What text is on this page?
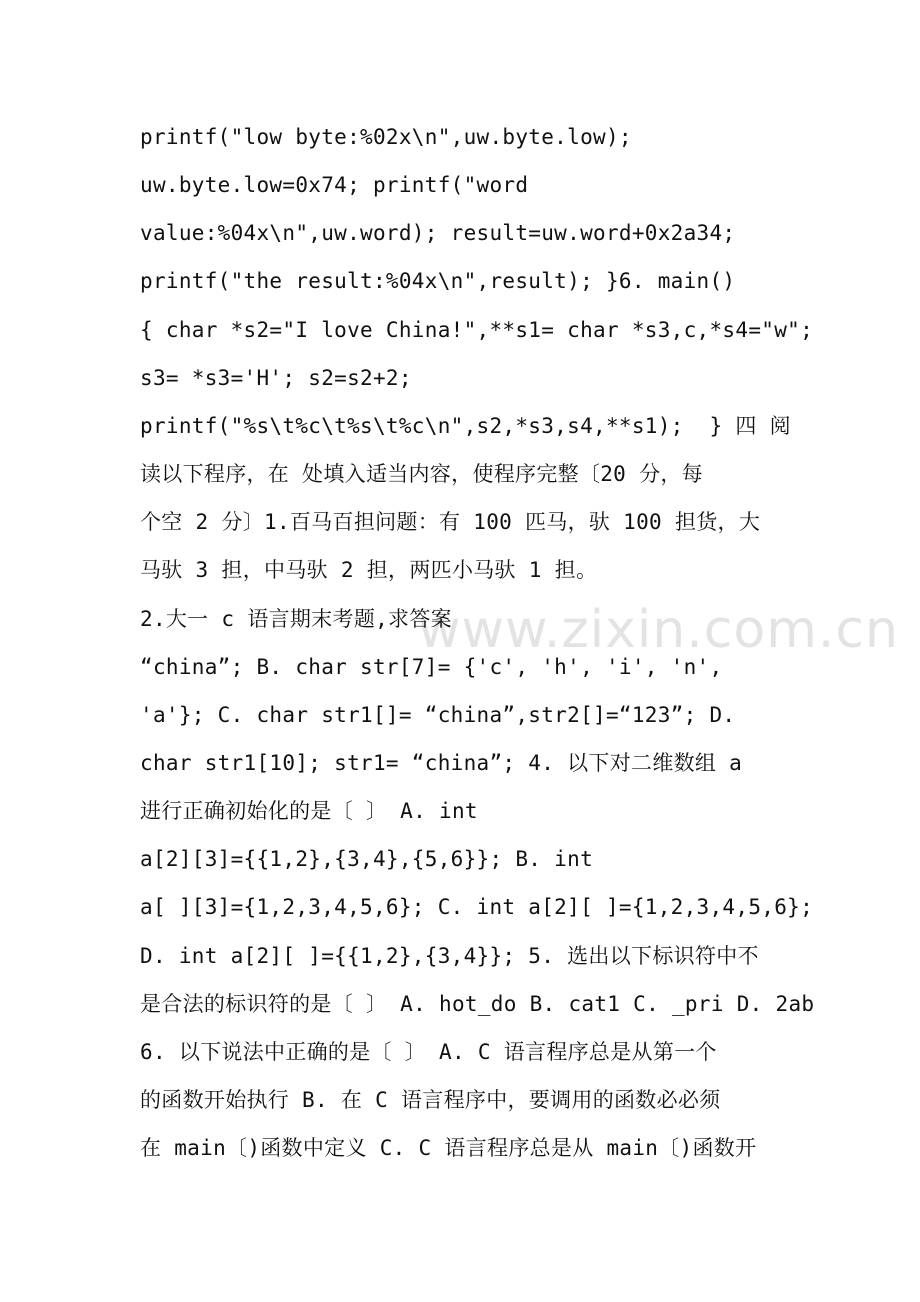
www.zixin.com.cn
printf("low byte:%02x\n",uw.byte.low);
uw.byte.low=0x74; printf("word
value:%04x\n",uw.word); result=uw.word+0x2a34;
printf("the result:%04x\n",result); }6. main()
{ char *s2="I love China!",**s1= char *s3,c,*s4="w";
s3= *s3='H'; s2=s2+2;
printf("%s\t%c\t%s\t%c\n",s2,*s3,s4,**s1);  } 四 阅
读以下程序，在 处填入适当内容，使程序完整〔20 分，每
个空 2 分〕1.百马百担问题：有 100 匹马，驮 100 担货，大
马驮 3 担，中马驮 2 担，两匹小马驮 1 担。
2.大一 c 语言期末考题,求答案
“china”; B. char str[7]= {'c', 'h', 'i', 'n',
'a'}; C. char str1[]= “china”,str2[]=“123”; D.
char str1[10]; str1= “china”; 4. 以下对二维数组 a
进行正确初始化的是〔 〕 A. int
a[2][3]={{1,2},{3,4},{5,6}}; B. int
a[ ][3]={1,2,3,4,5,6}; C. int a[2][ ]={1,2,3,4,5,6};
D. int a[2][ ]={{1,2},{3,4}}; 5. 选出以下标识符中不
是合法的标识符的是〔 〕 A. hot_do B. cat1 C. _pri D. 2ab
6. 以下说法中正确的是〔 〕 A. C 语言程序总是从第一个
的函数开始执行 B. 在 C 语言程序中，要调用的函数必必须
在 main〔)函数中定义 C. C 语言程序总是从 main〔)函数开
